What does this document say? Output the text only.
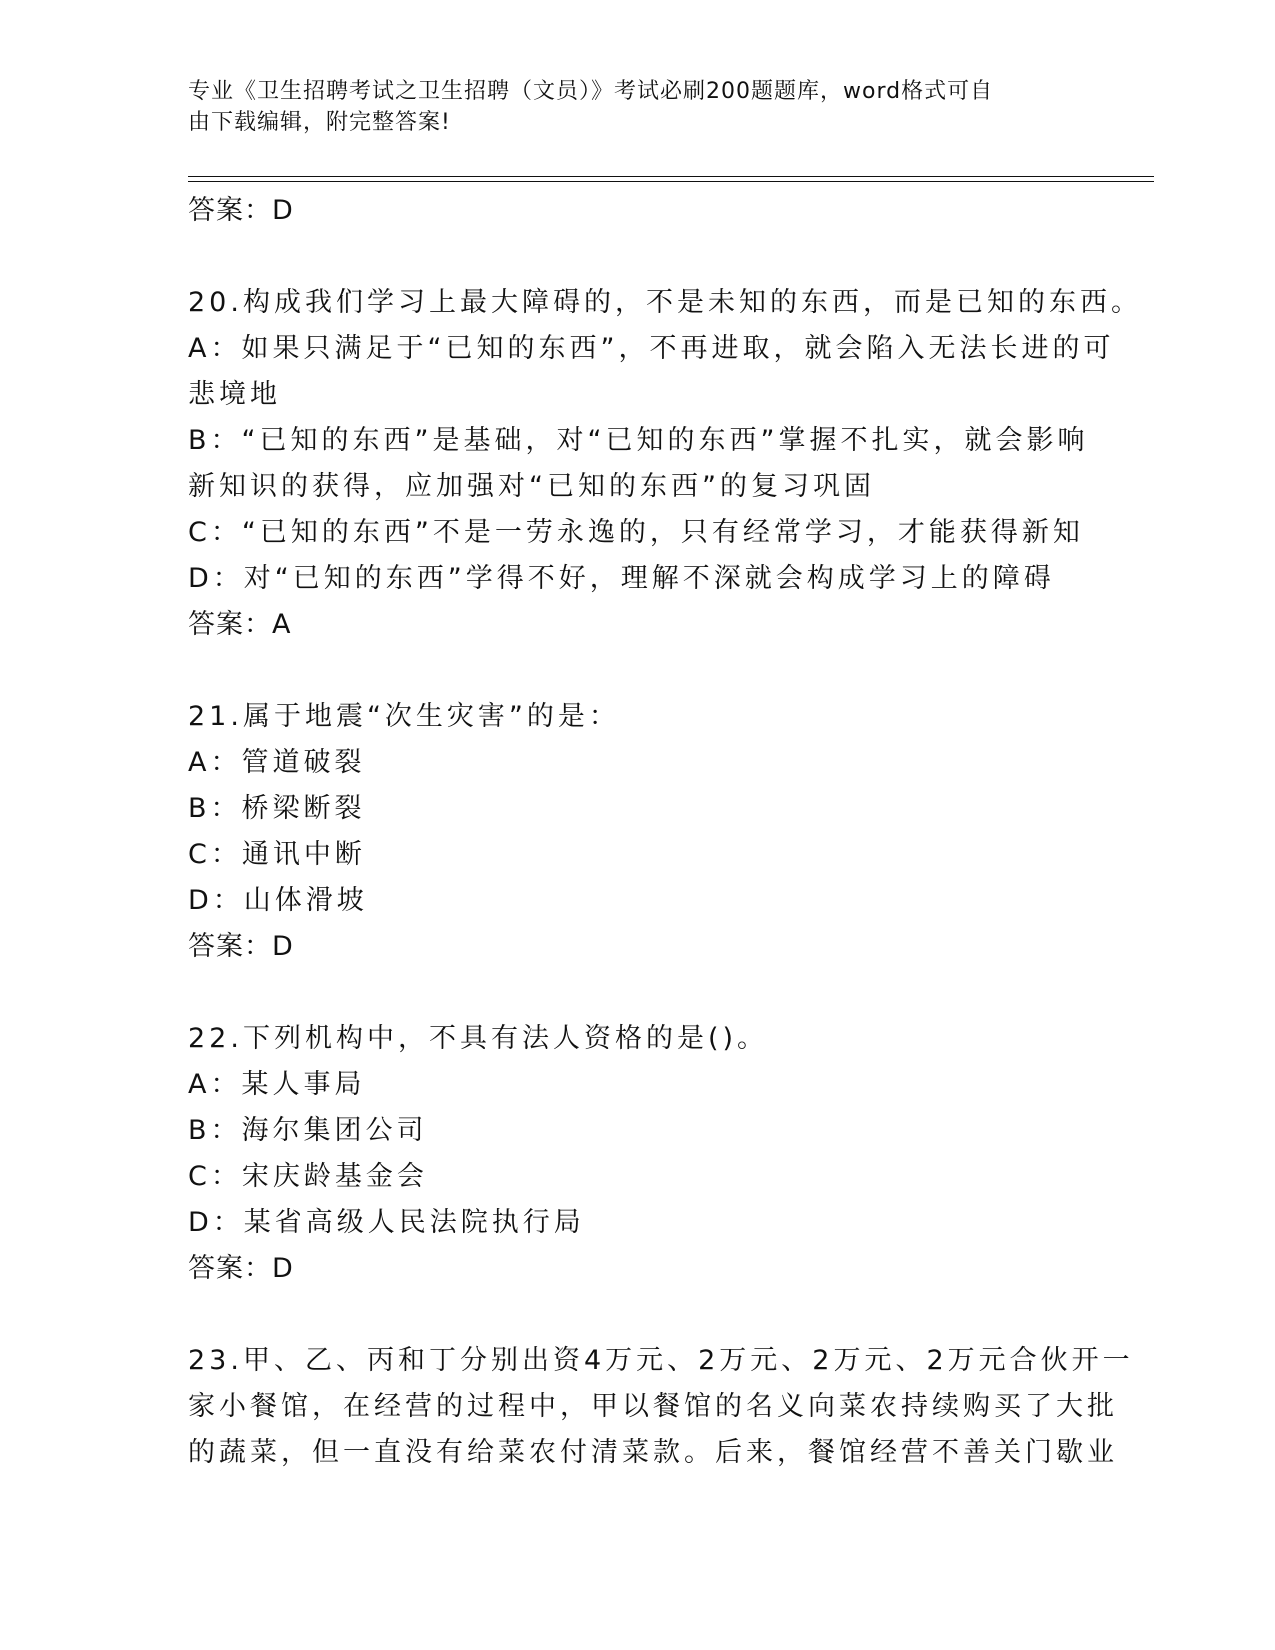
专业《卫生招聘考试之卫生招聘（文员）》考试必刷200题题库，word格式可自
由下载编辑，附完整答案!
答案：D
20.构成我们学习上最大障碍的，不是未知的东西，而是已知的东西。
A：如果只满足于“已知的东西”，不再进取，就会陷入无法长进的可
悲境地
B：“已知的东西”是基础，对“已知的东西”掌握不扎实，就会影响
新知识的获得，应加强对“已知的东西”的复习巩固
C：“已知的东西”不是一劳永逸的，只有经常学习，才能获得新知
D：对“已知的东西”学得不好，理解不深就会构成学习上的障碍
答案：A
21.属于地震“次生灾害”的是：
A：管道破裂
B：桥梁断裂
C：通讯中断
D：山体滑坡
答案：D
22.下列机构中，不具有法人资格的是()。
A：某人事局
B：海尔集团公司
C：宋庆龄基金会
D：某省高级人民法院执行局
答案：D
23.甲、乙、丙和丁分别出资4万元、2万元、2万元、2万元合伙开一
家小餐馆，在经营的过程中，甲以餐馆的名义向菜农持续购买了大批
的蔬菜，但一直没有给菜农付清菜款。后来，餐馆经营不善关门歇业
